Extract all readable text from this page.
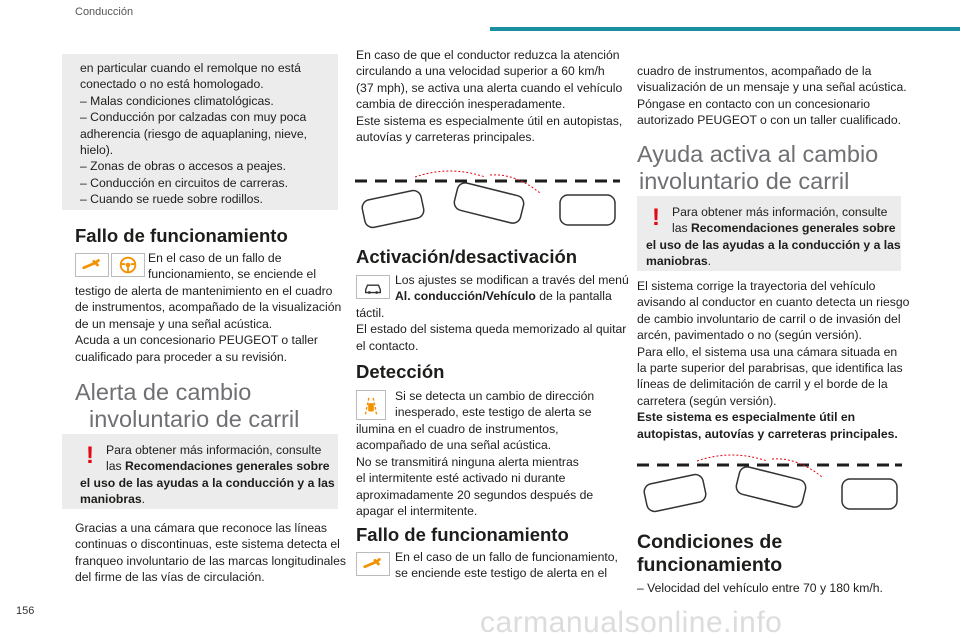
Conducción

en particular cuando el remolque no está

conectado o no está homologado.

– Malas condiciones climatológicas.

– Conducción por calzadas con muy poca

adherencia (riesgo de aquaplaning, nieve,

hielo).

– Zonas de obras o accesos a peajes.

– Conducción en circuitos de carreras.

– Cuando se ruede sobre rodillos.

Fallo de funcionamiento

En el caso de un fallo de

funcionamiento, se enciende el

testigo de alerta de mantenimiento en el cuadro

de instrumentos, acompañado de la visualización

de un mensaje y una señal acústica.

Acuda a un concesionario PEUGEOT o taller

cualificado para proceder a su revisión.

Alerta de cambio

involuntario de carril

! Para obtener más información, consulte

las Recomendaciones generales sobre

el uso de las ayudas a la conducción y a las

maniobras.

Gracias a una cámara que reconoce las líneas

continuas o discontinuas, este sistema detecta el

franqueo involuntario de las marcas longitudinales

del firme de las vías de circulación.

En caso de que el conductor reduzca la atención

circulando a una velocidad superior a 60 km/h

(37 mph), se activa una alerta cuando el vehículo

cambia de dirección inesperadamente.

Este sistema es especialmente útil en autopistas,

autovías y carreteras principales.

Activación/desactivación

Los ajustes se modifican a través del menú

Al. conducción/Vehículo de la pantalla

táctil.

El estado del sistema queda memorizado al quitar

el contacto.

Detección

Si se detecta un cambio de dirección

inesperado, este testigo de alerta se

ilumina en el cuadro de instrumentos,

acompañado de una señal acústica.

No se transmitirá ninguna alerta mientras

el intermitente esté activado ni durante

aproximadamente 20 segundos después de

apagar el intermitente.

Fallo de funcionamiento

En el caso de un fallo de funcionamiento,

se enciende este testigo de alerta en el

cuadro de instrumentos, acompañado de la

visualización de un mensaje y una señal acústica.

Póngase en contacto con un concesionario

autorizado PEUGEOT o con un taller cualificado.

Ayuda activa al cambio

involuntario de carril

! Para obtener más información, consulte

las Recomendaciones generales sobre

el uso de las ayudas a la conducción y a las

maniobras.

El sistema corrige la trayectoria del vehículo

avisando al conductor en cuanto detecta un riesgo

de cambio involuntario de carril o de invasión del

arcén, pavimentado o no (según versión).

Para ello, el sistema usa una cámara situada en

la parte superior del parabrisas, que identifica las

líneas de delimitación de carril y el borde de la

carretera (según versión).

Este sistema es especialmente útil en

autopistas, autovías y carreteras principales.

Condiciones de

funcionamiento

– Velocidad del vehículo entre 70 y 180 km/h.

156	carmanualsonline.info
